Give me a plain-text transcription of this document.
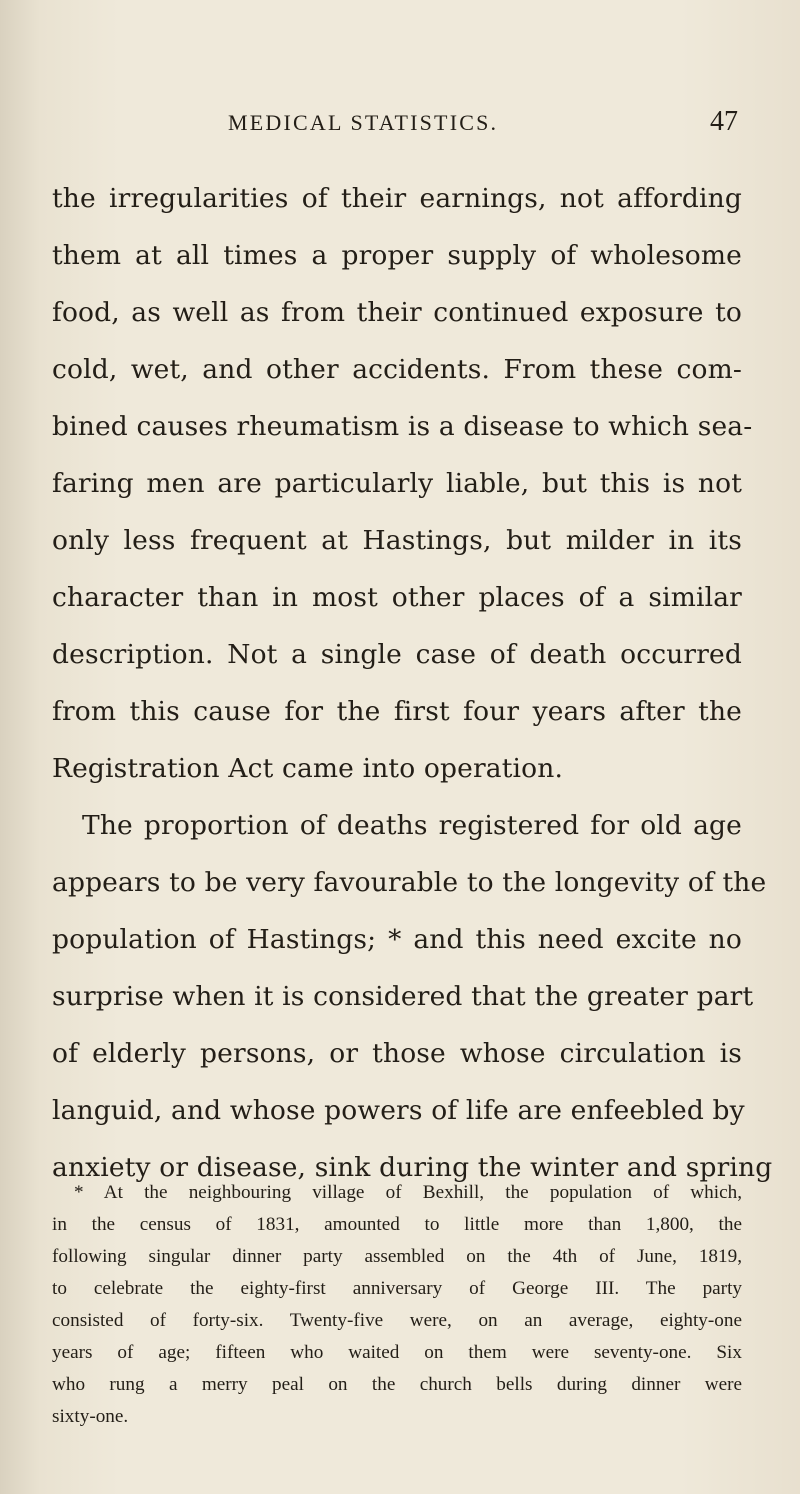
MEDICAL STATISTICS.	47
the irregularities of their earnings, not affording
them at all times a proper supply of wholesome
food, as well as from their continued exposure to
cold, wet, and other accidents. From these com-
bined causes rheumatism is a disease to which sea-
faring men are particularly liable, but this is not
only less frequent at Hastings, but milder in its
character than in most other places of a similar
description. Not a single case of death occurred
from this cause for the first four years after the
Registration Act came into operation.
The proportion of deaths registered for old age
appears to be very favourable to the longevity of the
population of Hastings; * and this need excite no
surprise when it is considered that the greater part
of elderly persons, or those whose circulation is
languid, and whose powers of life are enfeebled by
anxiety or disease, sink during the winter and spring
* At the neighbouring village of Bexhill, the population of which,
in the census of 1831, amounted to little more than 1,800, the
following singular dinner party assembled on the 4th of June, 1819,
to celebrate the eighty-first anniversary of George III. The party
consisted of forty-six. Twenty-five were, on an average, eighty-one
years of age; fifteen who waited on them were seventy-one. Six
who rung a merry peal on the church bells during dinner were
sixty-one.
